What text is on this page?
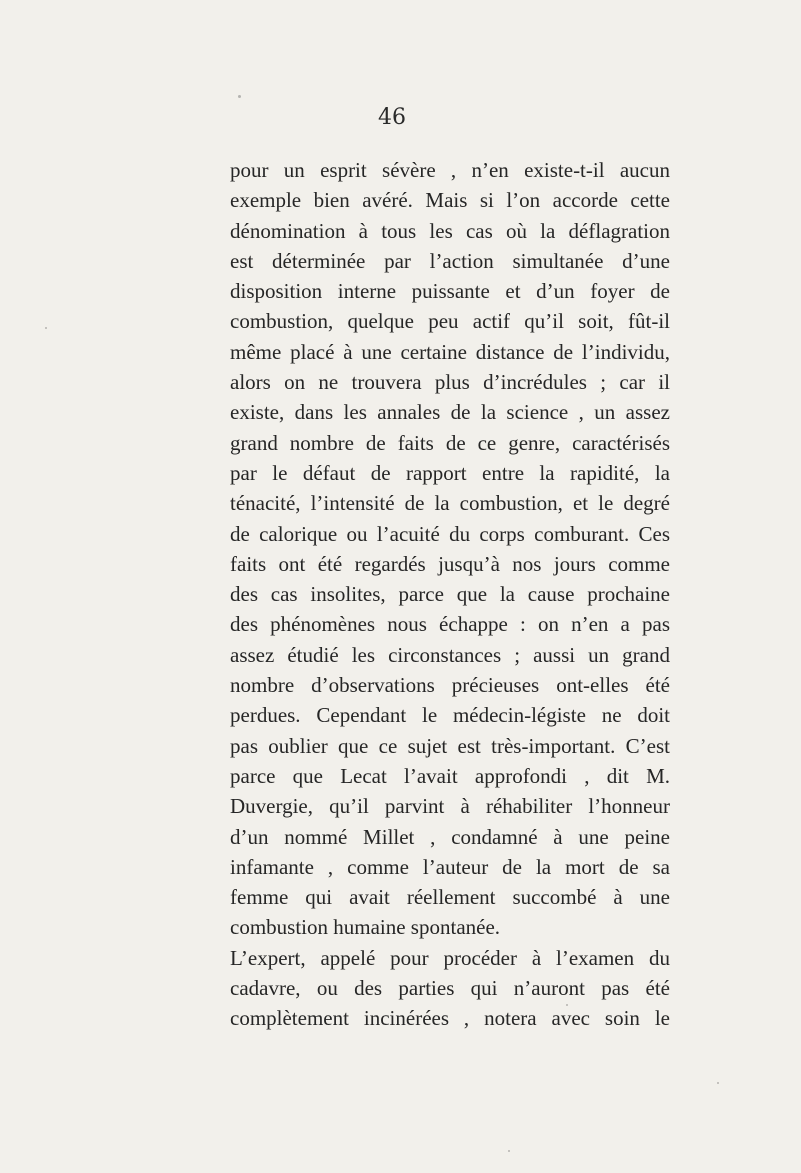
46
pour un esprit sévère , n’en existe-t-il aucun
exemple bien avéré. Mais si l’on accorde cette
dénomination à tous les cas où la déflagration
est déterminée par l’action simultanée d’une
disposition interne puissante et d’un foyer de
combustion, quelque peu actif qu’il soit, fût-il
même placé à une certaine distance de l’individu,
alors on ne trouvera plus d’incrédules ; car il
existe, dans les annales de la science , un assez
grand nombre de faits de ce genre, caractérisés
par le défaut de rapport entre la rapidité, la
ténacité, l’intensité de la combustion, et le degré
de calorique ou l’acuité du corps comburant. Ces
faits ont été regardés jusqu’à nos jours comme
des cas insolites, parce que la cause prochaine
des phénomènes nous échappe : on n’en a pas
assez étudié les circonstances ; aussi un grand
nombre d’observations précieuses ont-elles été
perdues. Cependant le médecin-légiste ne doit
pas oublier que ce sujet est très-important. C’est
parce que Lecat l’avait approfondi , dit M.
Duvergie, qu’il parvint à réhabiliter l’honneur
d’un nommé Millet , condamné à une peine
infamante , comme l’auteur de la mort de sa
femme qui avait réellement succombé à une
combustion humaine spontanée.
L’expert, appelé pour procéder à l’examen du
cadavre, ou des parties qui n’auront pas été
complètement incinérées , notera avec soin le
